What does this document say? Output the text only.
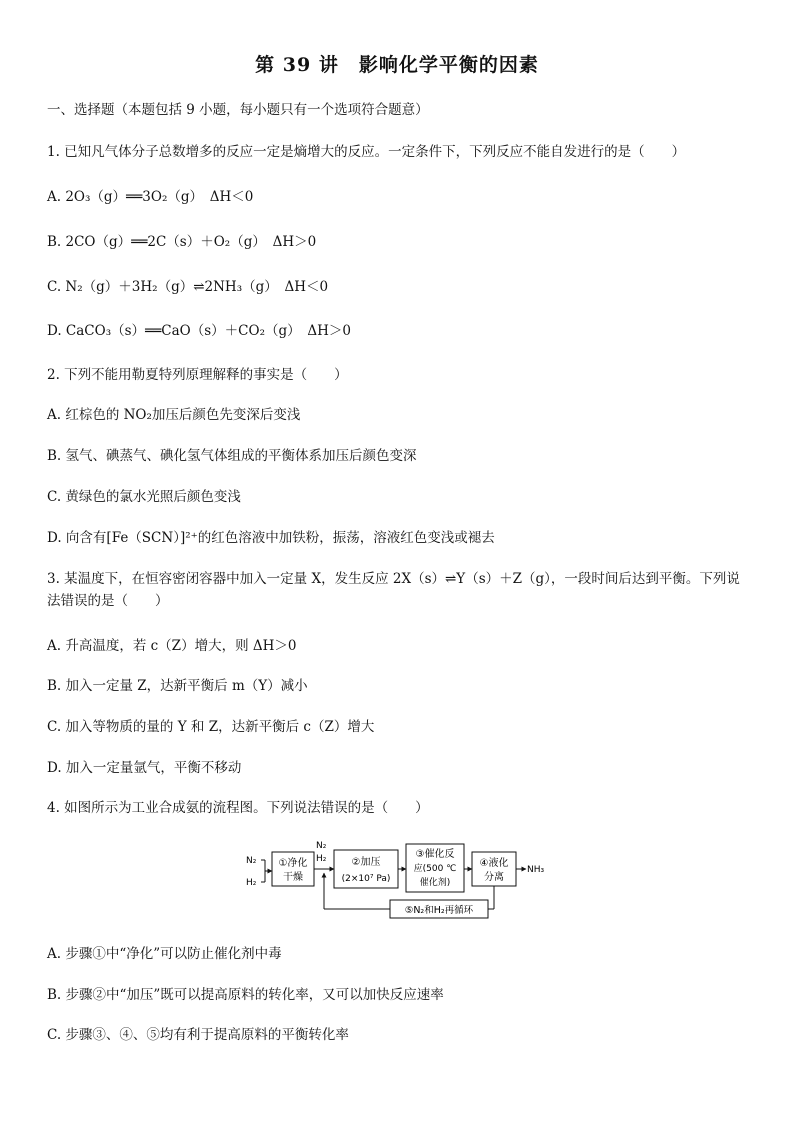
第 39 讲　影响化学平衡的因素
一、选择题（本题包括 9 小题，每小题只有一个选项符合题意）
1. 已知凡气体分子总数增多的反应一定是熵增大的反应。一定条件下，下列反应不能自发进行的是（　　）
A. 2O₃（g）══3O₂（g）　ΔH＜0
B. 2CO（g）══2C（s）＋O₂（g）　ΔH＞0
C. N₂（g）＋3H₂（g）⇌2NH₃（g）　ΔH＜0
D. CaCO₃（s）══CaO（s）＋CO₂（g）　ΔH＞0
2. 下列不能用勒夏特列原理解释的事实是（　　）
A. 红棕色的 NO₂加压后颜色先变深后变浅
B. 氢气、碘蒸气、碘化氢气体组成的平衡体系加压后颜色变深
C. 黄绿色的氯水光照后颜色变浅
D. 向含有[Fe（SCN）]²⁺的红色溶液中加铁粉，振荡，溶液红色变浅或褪去
3. 某温度下，在恒容密闭容器中加入一定量 X，发生反应 2X（s）⇌Y（s）＋Z（g），一段时间后达到平衡。下列说法错误的是（　　）
A. 升高温度，若 c（Z）增大，则 ΔH＞0
B. 加入一定量 Z，达新平衡后 m（Y）减小
C. 加入等物质的量的 Y 和 Z，达新平衡后 c（Z）增大
D. 加入一定量氩气，平衡不移动
4. 如图所示为工业合成氨的流程图。下列说法错误的是（　　）
N₂
H₂
①净化
干燥
N₂
H₂	②加压
(2×10⁷ Pa)
③催化反
应(500 ℃
催化剂)
④液化
分离
NH₃
⑤N₂和H₂再循环
A. 步骤①中“净化”可以防止催化剂中毒
B. 步骤②中“加压”既可以提高原料的转化率，又可以加快反应速率
C. 步骤③、④、⑤均有利于提高原料的平衡转化率
